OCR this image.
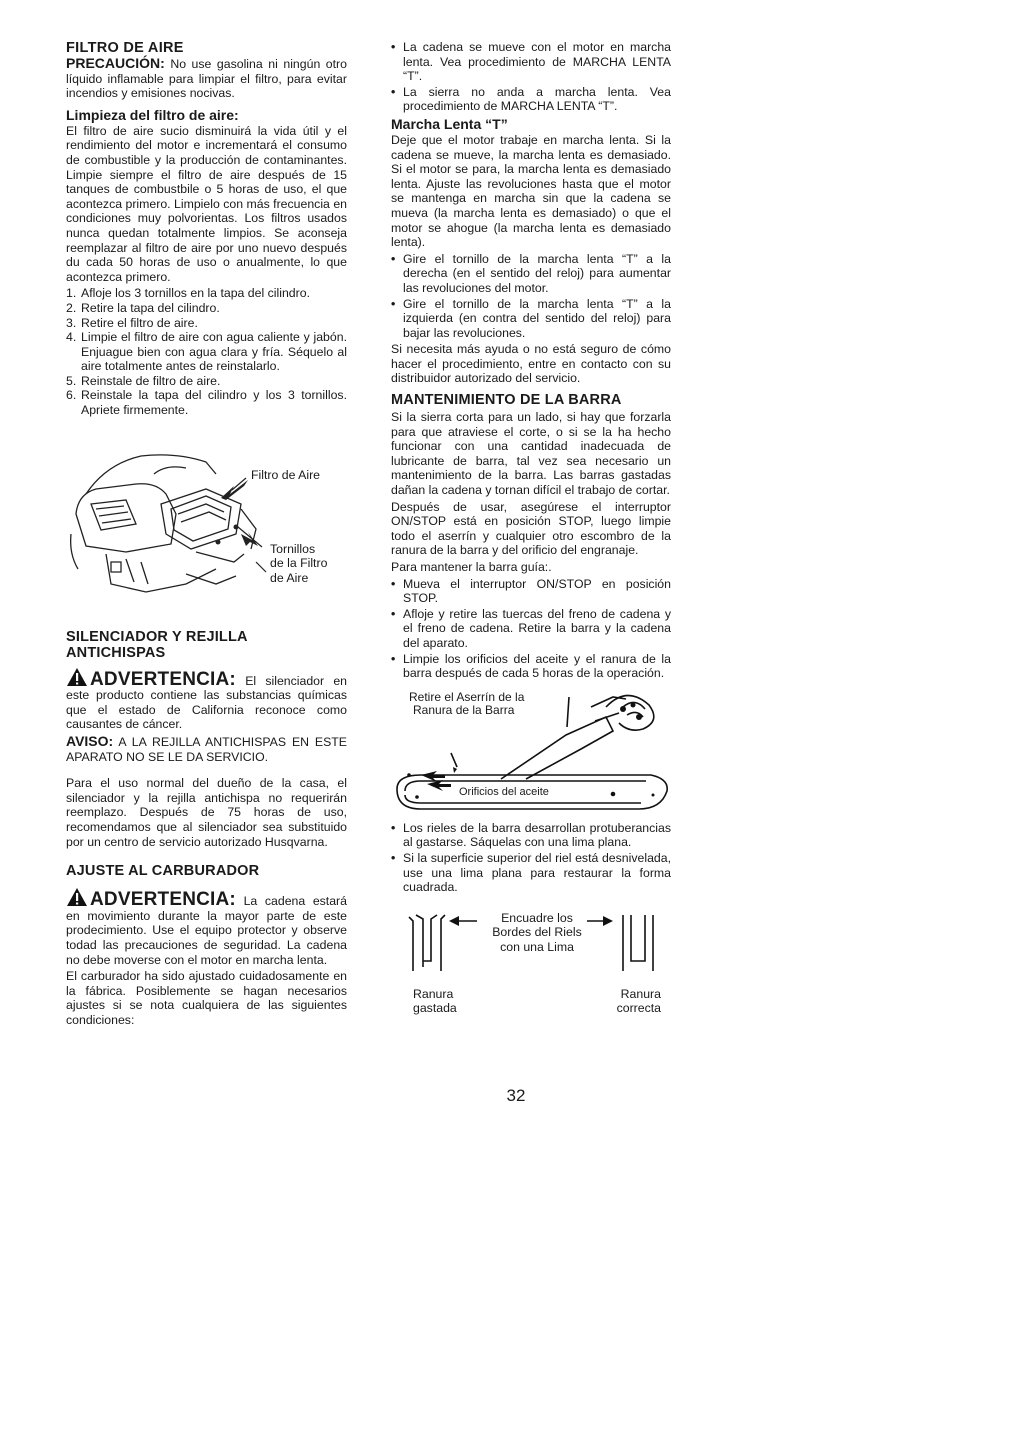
FILTRO DE AIRE

PRECAUCIÓN: No use gasolina ni ningún otro líquido inflamable para limpiar el filtro, para evitar incendios y emisiones nocivas.

Limpieza del filtro de aire:

El filtro de aire sucio disminuirá la vida útil y el rendimiento del motor e incrementará el consumo de combustible y la producción de contaminantes. Limpie siempre el filtro de aire después de 15 tanques de combustbile o 5 horas de uso, el que acontezca primero. Limpielo con más frecuencia en condiciones muy polvorientas. Los filtros usados nunca quedan totalmente limpios. Se aconseja reemplazar al filtro de aire por uno nuevo después du cada 50 horas de uso o anualmente, lo que acontezca primero.

1. Afloje los 3 tornillos en la tapa del cilindro.
2. Retire la tapa del cilindro.
3. Retire el filtro de aire.
4. Limpie el filtro de aire con agua caliente y jabón. Enjuague bien con agua clara y fría. Séquelo al aire totalmente antes de reinstalarlo.
5. Reinstale de filtro de aire.
6. Reinstale la tapa del cilindro y los 3 tornillos. Apriete firmemente.
Filtro de Aire
Tornillos
de la Filtro
de Aire
SILENCIADOR Y REJILLA ANTICHISPAS

ADVERTENCIA: El silenciador en este producto contiene las substancias químicas que el estado de California reconoce como causantes de cáncer.

AVISO: A LA REJILLA ANTICHISPAS EN ESTE APARATO NO SE LE DA SERVICIO.

Para el uso normal del dueño de la casa, el silenciador y la rejilla antichispa no requerirán reemplazo. Después de 75 horas de uso, recomendamos que al silenciador sea substituido por un centro de servicio autorizado Husqvarna.

AJUSTE AL CARBURADOR

ADVERTENCIA: La cadena estará en movimiento durante la mayor parte de este prodecimiento. Use el equipo protector y observe todad las precauciones de seguridad. La cadena no debe moverse con el motor en marcha lenta.

El carburador ha sido ajustado cuidadosamente en la fábrica. Posiblemente se hagan necesarios ajustes si se nota cualquiera de las siguientes condiciones:

• La cadena se mueve con el motor en marcha lenta. Vea procedimiento de MARCHA LENTA “T”.
• La sierra no anda a marcha lenta. Vea procedimiento de MARCHA LENTA “T”.
Marcha Lenta “T”

Deje que el motor trabaje en marcha lenta. Si la cadena se mueve, la marcha lenta es demasiado. Si el motor se para, la marcha lenta es demasiado lenta. Ajuste las revoluciones hasta que el motor se mantenga en marcha sin que la cadena se mueva (la marcha lenta es demasiado) o que el motor se ahogue (la marcha lenta es demasiado lenta).

• Gire el tornillo de la marcha lenta “T” a la derecha (en el sentido del reloj) para aumentar las revoluciones del motor.
• Gire el tornillo de la marcha lenta “T” a la izquierda (en contra del sentido del reloj) para bajar las revoluciones.

Si necesita más ayuda o no está seguro de cómo hacer el procedimiento, entre en contacto con su distribuidor autorizado del servicio.

MANTENIMIENTO DE LA BARRA

Si la sierra corta para un lado, si hay que forzarla para que atraviese el corte, o si se la ha hecho funcionar con una cantidad inadecuada de lubricante de barra, tal vez sea necesario un mantenimiento de la barra. Las barras gastadas dañan la cadena y tornan difícil el trabajo de cortar.

Después de usar, asegúrese el interruptor ON/STOP está en posición STOP, luego limpie todo el aserrín y cualquier otro escombro de la ranura de la barra y del orificio del engranaje.

Para mantener la barra guía:.

• Mueva el interruptor ON/STOP en posición STOP.
• Afloje y retire las tuercas del freno de cadena y el freno de cadena. Retire la barra y la cadena del aparato.
• Limpie los orificios del aceite y el ranura de la barra después de cada 5 horas de la operación.
Retire el Aserrín de la
Ranura de la Barra
Orificios del aceite
• Los rieles de la barra desarrollan protuberancias al gastarse. Sáquelas con una lima plana.
• Si la superficie superior del riel está desnivelada, use una lima plana para restaurar la forma cuadrada.
Encuadre los
Bordes del Riels
con una Lima
Ranura
gastada
Ranura
correcta
32
